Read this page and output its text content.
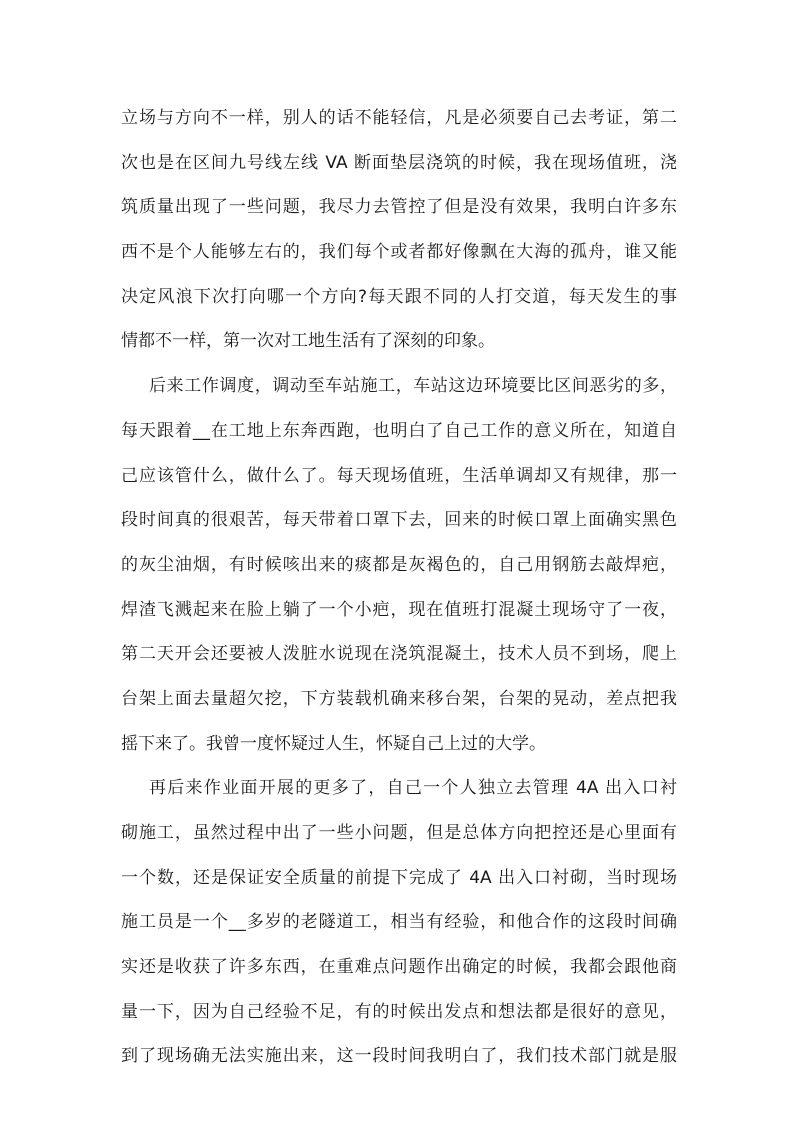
立场与方向不一样，别人的话不能轻信，凡是必须要自己去考证，第二
次也是在区间九号线左线 VA 断面垫层浇筑的时候，我在现场值班，浇
筑质量出现了一些问题，我尽力去管控了但是没有效果，我明白许多东
西不是个人能够左右的，我们每个或者都好像飘在大海的孤舟，谁又能
决定风浪下次打向哪一个方向?每天跟不同的人打交道，每天发生的事
情都不一样，第一次对工地生活有了深刻的印象。
后来工作调度，调动至车站施工，车站这边环境要比区间恶劣的多，
每天跟着__在工地上东奔西跑，也明白了自己工作的意义所在，知道自
己应该管什么，做什么了。每天现场值班，生活单调却又有规律，那一
段时间真的很艰苦，每天带着口罩下去，回来的时候口罩上面确实黑色
的灰尘油烟，有时候咳出来的痰都是灰褐色的，自己用钢筋去敲焊疤，
焊渣飞溅起来在脸上躺了一个小疤，现在值班打混凝土现场守了一夜，
第二天开会还要被人泼脏水说现在浇筑混凝土，技术人员不到场，爬上
台架上面去量超欠挖，下方装载机确来移台架，台架的晃动，差点把我
摇下来了。我曾一度怀疑过人生，怀疑自己上过的大学。
再后来作业面开展的更多了，自己一个人独立去管理 4A 出入口衬
砌施工，虽然过程中出了一些小问题，但是总体方向把控还是心里面有
一个数，还是保证安全质量的前提下完成了 4A 出入口衬砌，当时现场
施工员是一个__多岁的老隧道工，相当有经验，和他合作的这段时间确
实还是收获了许多东西，在重难点问题作出确定的时候，我都会跟他商
量一下，因为自己经验不足，有的时候出发点和想法都是很好的意见，
到了现场确无法实施出来，这一段时间我明白了，我们技术部门就是服
